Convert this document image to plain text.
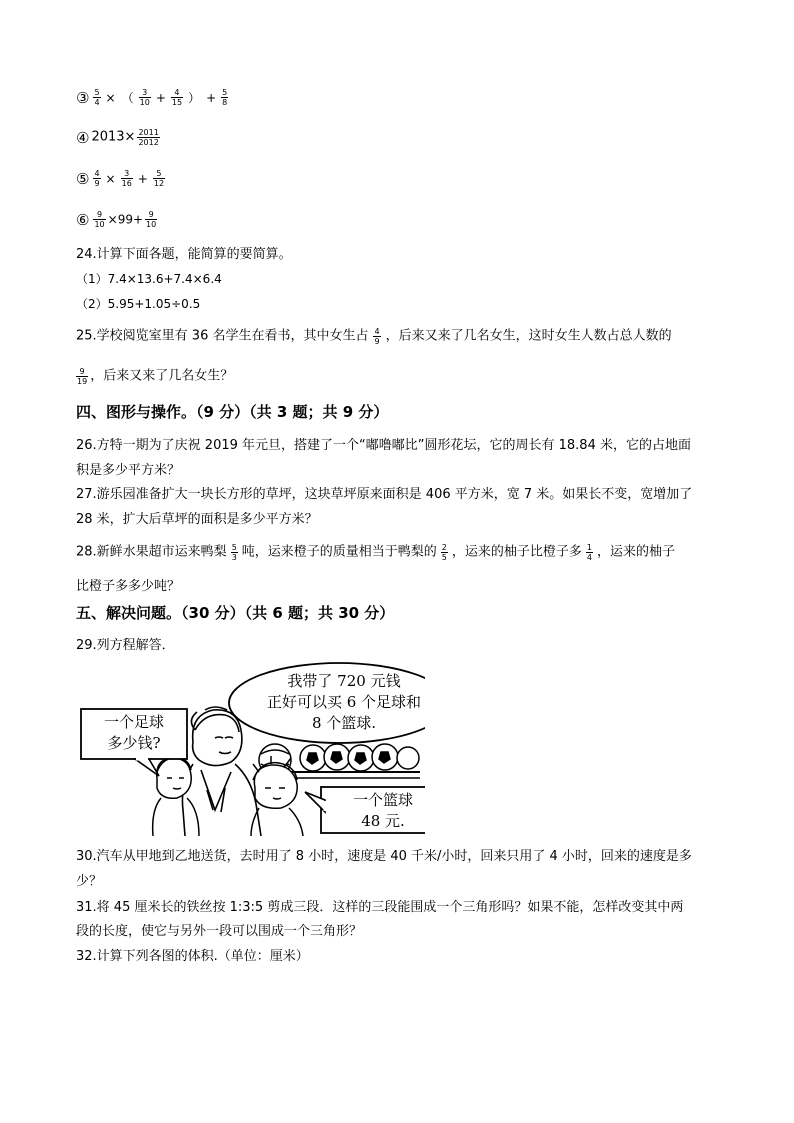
③ $\frac{5}{4}$ × （ $\frac{3}{10} + \frac{4}{15}$ ） + $\frac{5}{8}$
④ $2013\times \frac{2011}{2012}$
⑤ $\frac{4}{9} \times \frac{3}{16} + \frac{5}{12}$
⑥ $\frac{9}{10} \times 99+ \frac{9}{10}$
24.计算下面各题，能简算的要简算。
（1）7.4×13.6+7.4×6.4
（2）5.95+1.05÷0.5
25.学校阅览室里有 36 名学生在看书，其中女生占 $\frac{4}{9}$ ，后来又来了几名女生，这时女生人数占总人数的
$\frac{9}{19}$ ，后来又来了几名女生？
四、图形与操作。（9 分）（共 3 题；共 9 分）
26.方特一期为了庆祝 2019 年元旦，搭建了一个“嘟噜嘟比”圆形花坛，它的周长有 18.84 米，它的占地面
积是多少平方米？
27.游乐园准备扩大一块长方形的草坪，这块草坪原来面积是 406 平方米，宽 7 米。如果长不变，宽增加了
28 米，扩大后草坪的面积是多少平方米？
28.新鲜水果超市运来鸭梨 $\frac{5}{3}$ 吨，运来橙子的质量相当于鸭梨的 $\frac{2}{5}$ ，运来的柚子比橙子多 $\frac{1}{4}$ ，运来的柚子
比橙子多多少吨？
五、解决问题。（30 分）（共 6 题；共 30 分）
29.列方程解答．
我带了 720 元钱
正好可以买 6 个足球和
8 个篮球.
一个足球
多少钱?
一个篮球
48 元.
30.汽车从甲地到乙地送货，去时用了 8 小时，速度是 40 千米/小时，回来只用了 4 小时，回来的速度是多
少？
31.将 45 厘米长的铁丝按 1:3:5 剪成三段．这样的三段能围成一个三角形吗？如果不能，怎样改变其中两
段的长度，使它与另外一段可以围成一个三角形？
32.计算下列各图的体积.（单位：厘米）
